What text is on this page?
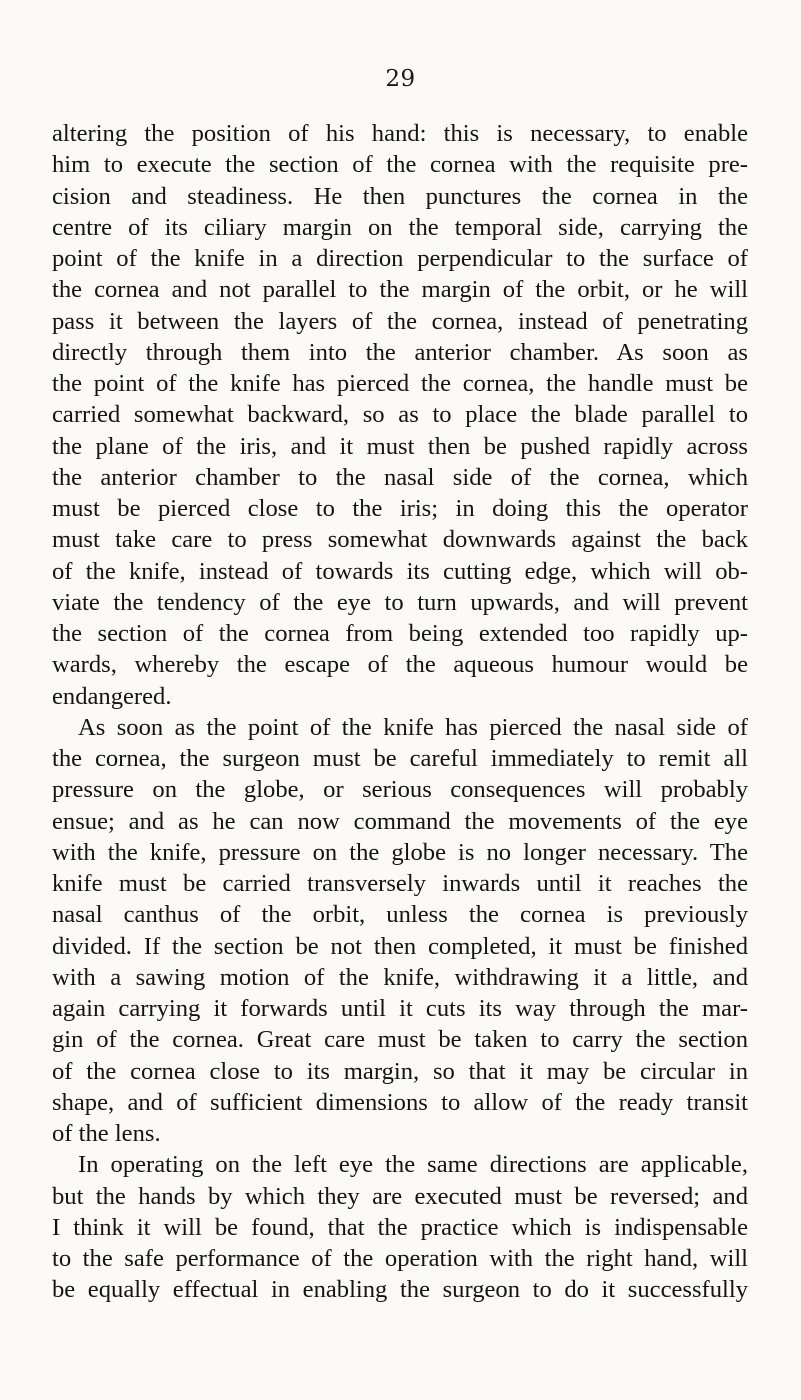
29
altering the position of his hand: this is necessary, to enable
him to execute the section of the cornea with the requisite pre-
cision and steadiness. He then punctures the cornea in the
centre of its ciliary margin on the temporal side, carrying the
point of the knife in a direction perpendicular to the surface of
the cornea and not parallel to the margin of the orbit, or he will
pass it between the layers of the cornea, instead of penetrating
directly through them into the anterior chamber. As soon as
the point of the knife has pierced the cornea, the handle must be
carried somewhat backward, so as to place the blade parallel to
the plane of the iris, and it must then be pushed rapidly across
the anterior chamber to the nasal side of the cornea, which
must be pierced close to the iris; in doing this the operator
must take care to press somewhat downwards against the back
of the knife, instead of towards its cutting edge, which will ob-
viate the tendency of the eye to turn upwards, and will prevent
the section of the cornea from being extended too rapidly up-
wards, whereby the escape of the aqueous humour would be
endangered.
As soon as the point of the knife has pierced the nasal side of
the cornea, the surgeon must be careful immediately to remit all
pressure on the globe, or serious consequences will probably
ensue; and as he can now command the movements of the eye
with the knife, pressure on the globe is no longer necessary. The
knife must be carried transversely inwards until it reaches the
nasal canthus of the orbit, unless the cornea is previously
divided. If the section be not then completed, it must be finished
with a sawing motion of the knife, withdrawing it a little, and
again carrying it forwards until it cuts its way through the mar-
gin of the cornea. Great care must be taken to carry the section
of the cornea close to its margin, so that it may be circular in
shape, and of sufficient dimensions to allow of the ready transit
of the lens.
In operating on the left eye the same directions are applicable,
but the hands by which they are executed must be reversed; and
I think it will be found, that the practice which is indispensable
to the safe performance of the operation with the right hand, will
be equally effectual in enabling the surgeon to do it successfully
